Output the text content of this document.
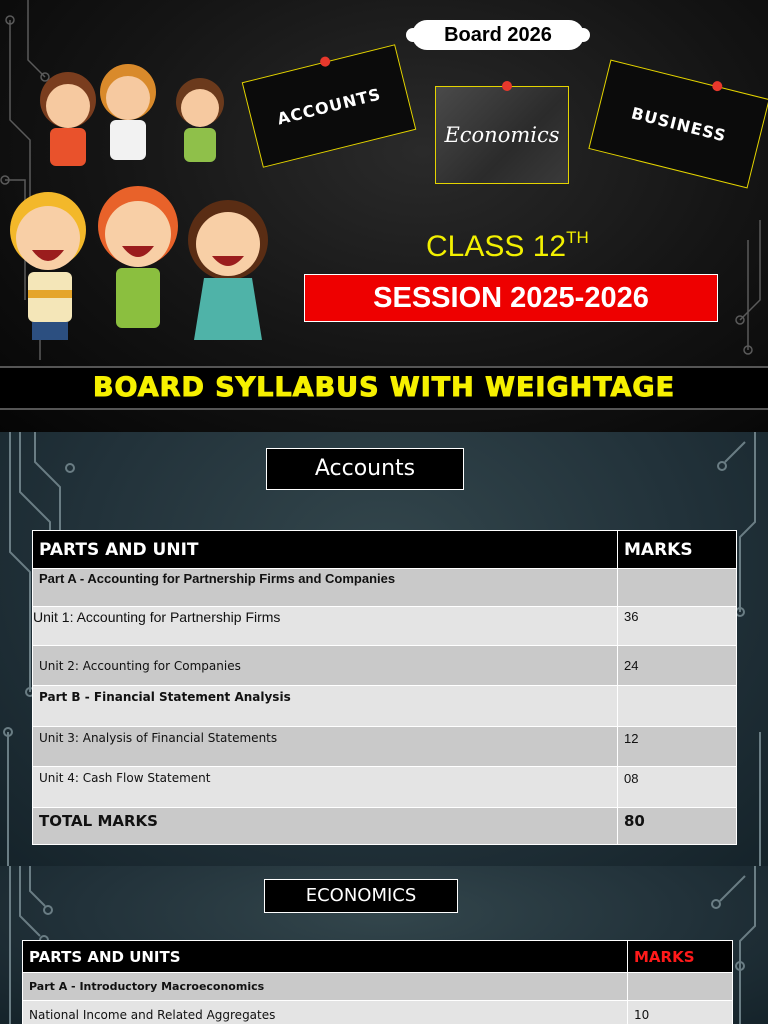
Board 2026
ACCOUNTS
Economics	BUSINESS
CLASS 12TH
SESSION 2025-2026
BOARD SYLLABUS WITH WEIGHTAGE
Accounts
PARTS AND UNIT	MARKS
Part A - Accounting for Partnership Firms and Companies	
Unit 1: Accounting for Partnership Firms	36
Unit 2: Accounting for Companies	24
Part B - Financial Statement Analysis	
Unit 3: Analysis of Financial Statements	12
Unit 4: Cash Flow Statement	08
TOTAL MARKS	80
ECONOMICS
PARTS AND UNITS	MARKS
Part A - Introductory Macroeconomics	
National Income and Related Aggregates	10
